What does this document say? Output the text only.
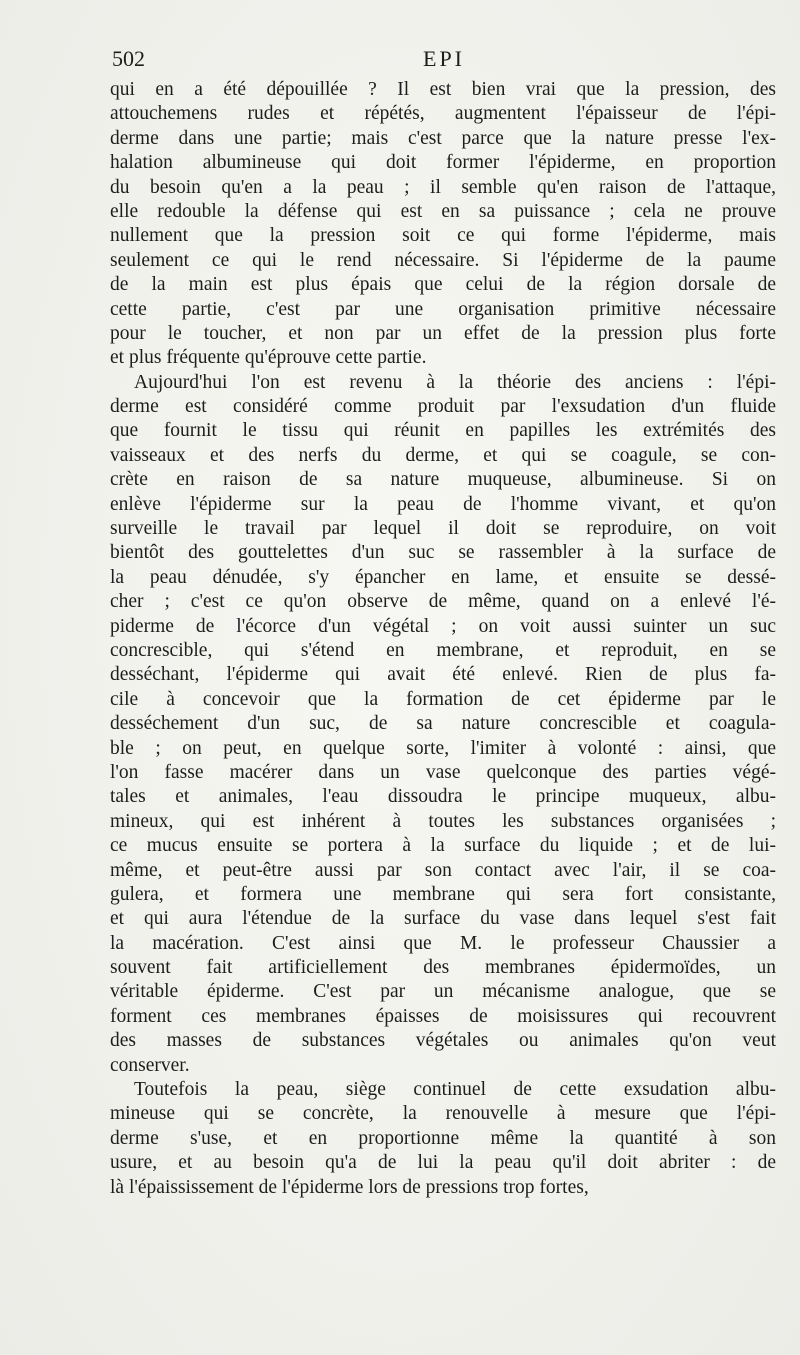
502	EPI
qui en a été dépouillée ? Il est bien vrai que la pression, des
attouchemens rudes et répétés, augmentent l'épaisseur de l'épi-
derme dans une partie; mais c'est parce que la nature presse l'ex-
halation albumineuse qui doit former l'épiderme, en proportion
du besoin qu'en a la peau ; il semble qu'en raison de l'attaque,
elle redouble la défense qui est en sa puissance ; cela ne prouve
nullement que la pression soit ce qui forme l'épiderme, mais
seulement ce qui le rend nécessaire. Si l'épiderme de la paume
de la main est plus épais que celui de la région dorsale de
cette partie, c'est par une organisation primitive nécessaire
pour le toucher, et non par un effet de la pression plus forte
et plus fréquente qu'éprouve cette partie.
Aujourd'hui l'on est revenu à la théorie des anciens : l'épi-
derme est considéré comme produit par l'exsudation d'un fluide
que fournit le tissu qui réunit en papilles les extrémités des
vaisseaux et des nerfs du derme, et qui se coagule, se con-
crète en raison de sa nature muqueuse, albumineuse. Si on
enlève l'épiderme sur la peau de l'homme vivant, et qu'on
surveille le travail par lequel il doit se reproduire, on voit
bientôt des gouttelettes d'un suc se rassembler à la surface de
la peau dénudée, s'y épancher en lame, et ensuite se dessé-
cher ; c'est ce qu'on observe de même, quand on a enlevé l'é-
piderme de l'écorce d'un végétal ; on voit aussi suinter un suc
concrescible, qui s'étend en membrane, et reproduit, en se
desséchant, l'épiderme qui avait été enlevé. Rien de plus fa-
cile à concevoir que la formation de cet épiderme par le
desséchement d'un suc, de sa nature concrescible et coagula-
ble ; on peut, en quelque sorte, l'imiter à volonté : ainsi, que
l'on fasse macérer dans un vase quelconque des parties végé-
tales et animales, l'eau dissoudra le principe muqueux, albu-
mineux, qui est inhérent à toutes les substances organisées ;
ce mucus ensuite se portera à la surface du liquide ; et de lui-
même, et peut-être aussi par son contact avec l'air, il se coa-
gulera, et formera une membrane qui sera fort consistante,
et qui aura l'étendue de la surface du vase dans lequel s'est fait
la macération. C'est ainsi que M. le professeur Chaussier a
souvent fait artificiellement des membranes épidermoïdes, un
véritable épiderme. C'est par un mécanisme analogue, que se
forment ces membranes épaisses de moisissures qui recouvrent
des masses de substances végétales ou animales qu'on veut
conserver.
Toutefois la peau, siège continuel de cette exsudation albu-
mineuse qui se concrète, la renouvelle à mesure que l'épi-
derme s'use, et en proportionne même la quantité à son
usure, et au besoin qu'a de lui la peau qu'il doit abriter : de
là l'épaississement de l'épiderme lors de pressions trop fortes,
